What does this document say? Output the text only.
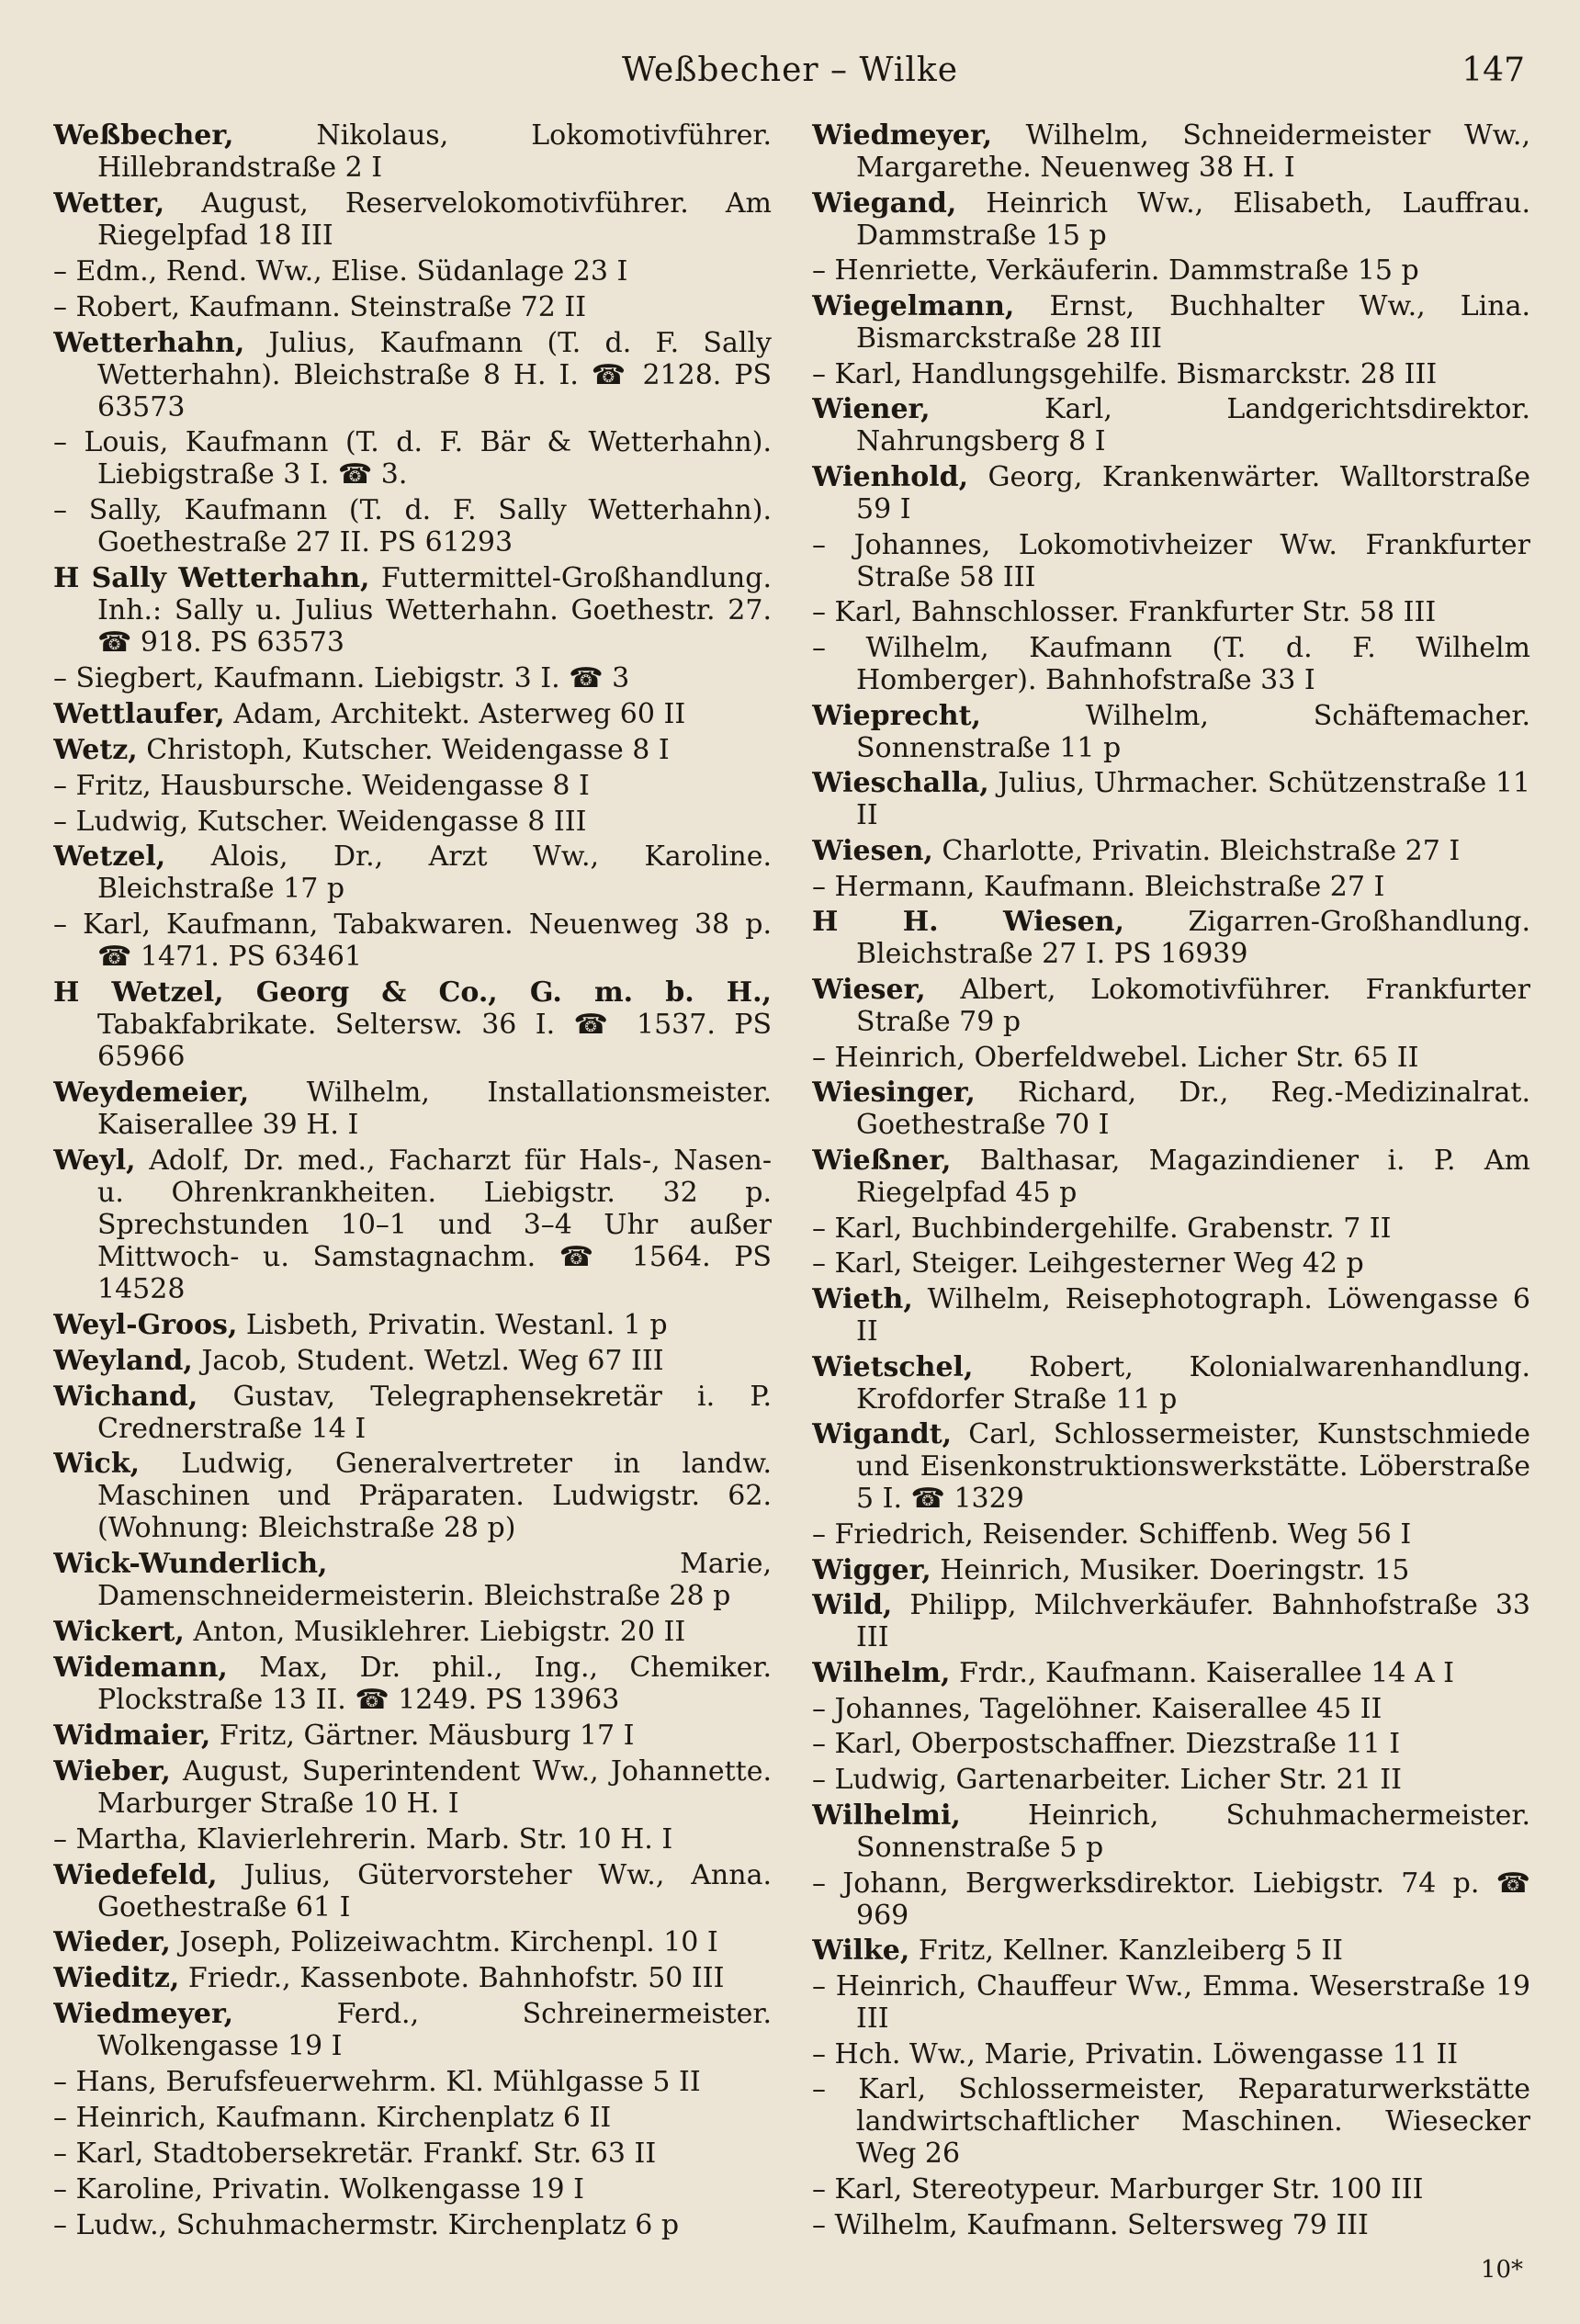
Weßbecher – Wilke	147
Weßbecher, Nikolaus, Lokomotivführer. Hillebrandstraße 2 I
Wetter, August, Reservelokomotivführer. Am Riegelpfad 18 III
– Edm., Rend. Ww., Elise. Südanlage 23 I
– Robert, Kaufmann. Steinstraße 72 II
Wetterhahn, Julius, Kaufmann (T. d. F. Sally Wetterhahn). Bleichstraße 8 H. I. ☎ 2128. PS 63573
– Louis, Kaufmann (T. d. F. Bär & Wetterhahn). Liebigstraße 3 I. ☎ 3.
– Sally, Kaufmann (T. d. F. Sally Wetterhahn). Goethestraße 27 II. PS 61293
H Sally Wetterhahn, Futtermittel-Großhandlung. Inh.: Sally u. Julius Wetterhahn. Goethestr. 27. ☎ 918. PS 63573
– Siegbert, Kaufmann. Liebigstr. 3 I. ☎ 3
Wettlaufer, Adam, Architekt. Asterweg 60 II
Wetz, Christoph, Kutscher. Weidengasse 8 I
– Fritz, Hausbursche. Weidengasse 8 I
– Ludwig, Kutscher. Weidengasse 8 III
Wetzel, Alois, Dr., Arzt Ww., Karoline. Bleichstraße 17 p
– Karl, Kaufmann, Tabakwaren. Neuenweg 38 p. ☎ 1471. PS 63461
H Wetzel, Georg & Co., G. m. b. H., Tabakfabrikate. Seltersw. 36 I. ☎ 1537. PS 65966
Weydemeier, Wilhelm, Installationsmeister. Kaiserallee 39 H. I
Weyl, Adolf, Dr. med., Facharzt für Hals-, Nasen- u. Ohrenkrankheiten. Liebigstr. 32 p. Sprechstunden 10–1 und 3–4 Uhr außer Mittwoch- u. Samstagnachm. ☎ 1564. PS 14528
Weyl-Groos, Lisbeth, Privatin. Westanl. 1 p
Weyland, Jacob, Student. Wetzl. Weg 67 III
Wichand, Gustav, Telegraphensekretär i. P. Crednerstraße 14 I
Wick, Ludwig, Generalvertreter in landw. Maschinen und Präparaten. Ludwigstr. 62. (Wohnung: Bleichstraße 28 p)
Wick-Wunderlich, Marie, Damenschneidermeisterin. Bleichstraße 28 p
Wickert, Anton, Musiklehrer. Liebigstr. 20 II
Widemann, Max, Dr. phil., Ing., Chemiker. Plockstraße 13 II. ☎ 1249. PS 13963
Widmaier, Fritz, Gärtner. Mäusburg 17 I
Wieber, August, Superintendent Ww., Johannette. Marburger Straße 10 H. I
– Martha, Klavierlehrerin. Marb. Str. 10 H. I
Wiedefeld, Julius, Gütervorsteher Ww., Anna. Goethestraße 61 I
Wieder, Joseph, Polizeiwachtm. Kirchenpl. 10 I
Wieditz, Friedr., Kassenbote. Bahnhofstr. 50 III
Wiedmeyer, Ferd., Schreinermeister. Wolkengasse 19 I
– Hans, Berufsfeuerwehrm. Kl. Mühlgasse 5 II
– Heinrich, Kaufmann. Kirchenplatz 6 II
– Karl, Stadtobersekretär. Frankf. Str. 63 II
– Karoline, Privatin. Wolkengasse 19 I
– Ludw., Schuhmachermstr. Kirchenplatz 6 p
Wiedmeyer, Wilhelm, Schneidermeister Ww., Margarethe. Neuenweg 38 H. I
Wiegand, Heinrich Ww., Elisabeth, Lauffrau. Dammstraße 15 p
– Henriette, Verkäuferin. Dammstraße 15 p
Wiegelmann, Ernst, Buchhalter Ww., Lina. Bismarckstraße 28 III
– Karl, Handlungsgehilfe. Bismarckstr. 28 III
Wiener, Karl, Landgerichtsdirektor. Nahrungsberg 8 I
Wienhold, Georg, Krankenwärter. Walltorstraße 59 I
– Johannes, Lokomotivheizer Ww. Frankfurter Straße 58 III
– Karl, Bahnschlosser. Frankfurter Str. 58 III
– Wilhelm, Kaufmann (T. d. F. Wilhelm Homberger). Bahnhofstraße 33 I
Wieprecht, Wilhelm, Schäftemacher. Sonnenstraße 11 p
Wieschalla, Julius, Uhrmacher. Schützenstraße 11 II
Wiesen, Charlotte, Privatin. Bleichstraße 27 I
– Hermann, Kaufmann. Bleichstraße 27 I
H H. Wiesen, Zigarren-Großhandlung. Bleichstraße 27 I. PS 16939
Wieser, Albert, Lokomotivführer. Frankfurter Straße 79 p
– Heinrich, Oberfeldwebel. Licher Str. 65 II
Wiesinger, Richard, Dr., Reg.-Medizinalrat. Goethestraße 70 I
Wießner, Balthasar, Magazindiener i. P. Am Riegelpfad 45 p
– Karl, Buchbindergehilfe. Grabenstr. 7 II
– Karl, Steiger. Leihgesterner Weg 42 p
Wieth, Wilhelm, Reisephotograph. Löwengasse 6 II
Wietschel, Robert, Kolonialwarenhandlung. Krofdorfer Straße 11 p
Wigandt, Carl, Schlossermeister, Kunstschmiede und Eisenkonstruktionswerkstätte. Löberstraße 5 I. ☎ 1329
– Friedrich, Reisender. Schiffenb. Weg 56 I
Wigger, Heinrich, Musiker. Doeringstr. 15
Wild, Philipp, Milchverkäufer. Bahnhofstraße 33 III
Wilhelm, Frdr., Kaufmann. Kaiserallee 14 A I
– Johannes, Tagelöhner. Kaiserallee 45 II
– Karl, Oberpostschaffner. Diezstraße 11 I
– Ludwig, Gartenarbeiter. Licher Str. 21 II
Wilhelmi, Heinrich, Schuhmachermeister. Sonnenstraße 5 p
– Johann, Bergwerksdirektor. Liebigstr. 74 p. ☎ 969
Wilke, Fritz, Kellner. Kanzleiberg 5 II
– Heinrich, Chauffeur Ww., Emma. Weserstraße 19 III
– Hch. Ww., Marie, Privatin. Löwengasse 11 II
– Karl, Schlossermeister, Reparaturwerkstätte landwirtschaftlicher Maschinen. Wiesecker Weg 26
– Karl, Stereotypeur. Marburger Str. 100 III
– Wilhelm, Kaufmann. Seltersweg 79 III
10*
